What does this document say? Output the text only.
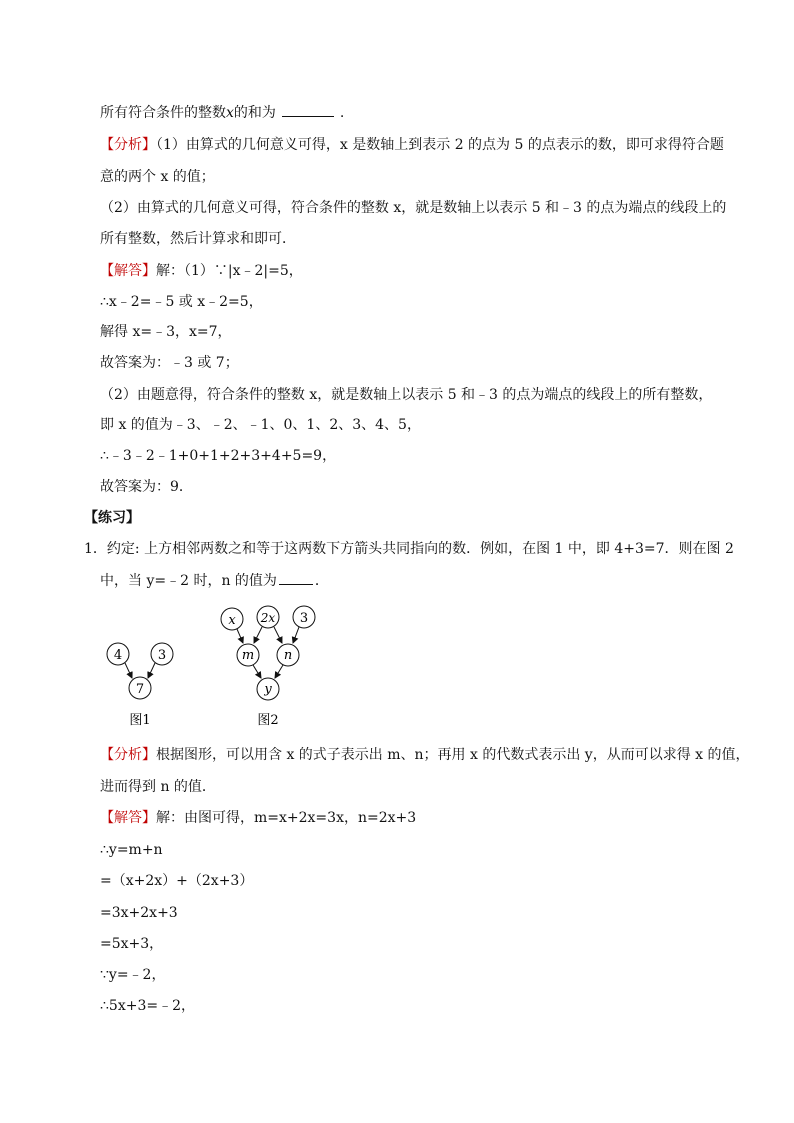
所有符合条件的整数x的和为	.
【分析】（1）由算式的几何意义可得，x 是数轴上到表示 2 的点为 5 的点表示的数，即可求得符合题
意的两个 x 的值；
（2）由算式的几何意义可得，符合条件的整数 x，就是数轴上以表示 5 和﹣3 的点为端点的线段上的
所有整数，然后计算求和即可．
【解答】解：（1）∵|x﹣2|=5，
∴x﹣2=﹣5 或 x﹣2=5，
解得 x=﹣3，x=7，
故答案为：﹣3 或 7；
（2）由题意得，符合条件的整数 x，就是数轴上以表示 5 和﹣3 的点为端点的线段上的所有整数，
即 x 的值为﹣3、﹣2、﹣1、0、1、2、3、4、5，
∴﹣3﹣2﹣1+0+1+2+3+4+5=9，
故答案为：9．
【练习】
1．约定: 上方相邻两数之和等于这两数下方箭头共同指向的数．例如，在图 1 中，即 4+3=7．则在图 2
中，当 y=﹣2 时，n 的值为	．
4	3
7
图1
x 2x 3
m n
y
图2
【分析】根据图形，可以用含 x 的式子表示出 m、n；再用 x 的代数式表示出 y，从而可以求得 x 的值，
进而得到 n 的值．
【解答】解：由图可得，m=x+2x=3x，n=2x+3
∴y=m+n
=（x+2x）+（2x+3）
=3x+2x+3
=5x+3，
∵y=﹣2，
∴5x+3=﹣2，
